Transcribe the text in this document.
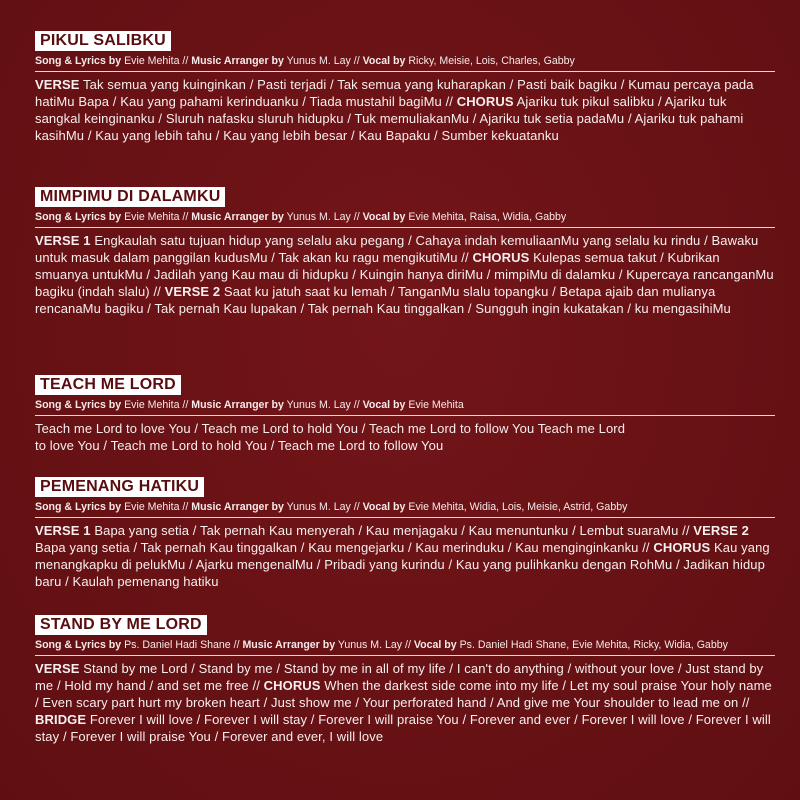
PIKUL SALIBKU
Song & Lyrics by Evie Mehita // Music Arranger by Yunus M. Lay // Vocal by Ricky, Meisie, Lois, Charles, Gabby
VERSE Tak semua yang kuinginkan / Pasti terjadi / Tak semua yang kuharapkan / Pasti baik bagiku / Kumau percaya pada hatiMu Bapa / Kau yang pahami kerinduanku / Tiada mustahil bagiMu // CHORUS Ajariku tuk pikul salibku / Ajariku tuk sangkal keinginanku / Sluruh nafasku sluruh hidupku / Tuk memuliakanMu / Ajariku tuk setia padaMu / Ajariku tuk pahami kasihMu / Kau yang lebih tahu / Kau yang lebih besar / Kau Bapaku / Sumber kekuatanku
MIMPIMU DI DALAMKU
Song & Lyrics by Evie Mehita // Music Arranger by Yunus M. Lay // Vocal by Evie Mehita, Raisa, Widia, Gabby
VERSE 1 Engkaulah satu tujuan hidup yang selalu aku pegang / Cahaya indah kemuliaanMu yang selalu ku rindu / Bawaku untuk masuk dalam panggilan kudusMu / Tak akan ku ragu mengikutiMu // CHORUS Kulepas semua takut / Kubrikan smuanya untukMu / Jadilah yang Kau mau di hidupku / Kuingin hanya diriMu / mimpiMu di dalamku / Kupercaya rancanganMu bagiku (indah slalu) // VERSE 2 Saat ku jatuh saat ku lemah / TanganMu slalu topangku / Betapa ajaib dan mulianya rencanaMu bagiku / Tak pernah Kau lupakan / Tak pernah Kau tinggalkan / Sungguh ingin kukatakan / ku mengasihiMu
TEACH ME LORD
Song & Lyrics by Evie Mehita // Music Arranger by Yunus M. Lay // Vocal by Evie Mehita
Teach me Lord to love You / Teach me Lord to hold You / Teach me Lord to follow You Teach me Lord to love You / Teach me Lord to hold You / Teach me Lord to follow You
PEMENANG HATIKU
Song & Lyrics by Evie Mehita // Music Arranger by Yunus M. Lay // Vocal by Evie Mehita, Widia, Lois, Meisie, Astrid, Gabby
VERSE 1 Bapa yang setia / Tak pernah Kau menyerah / Kau menjagaku / Kau menuntunku / Lembut suaraMu // VERSE 2 Bapa yang setia / Tak pernah Kau tinggalkan / Kau mengejarku / Kau merinduku / Kau menginginkanku // CHORUS Kau yang menangkapku di pelukMu / Ajarku mengenalMu / Pribadi yang kurindu / Kau yang pulihkanku dengan RohMu / Jadikan hidup baru / Kaulah pemenang hatiku
STAND BY ME LORD
Song & Lyrics by Ps. Daniel Hadi Shane // Music Arranger by Yunus M. Lay // Vocal by Ps. Daniel Hadi Shane, Evie Mehita, Ricky, Widia, Gabby
VERSE Stand by me Lord / Stand by me / Stand by me in all of my life / I can't do anything / without your love / Just stand by me / Hold my hand / and set me free // CHORUS When the darkest side come into my life / Let my soul praise Your holy name / Even scary part hurt my broken heart / Just show me / Your perforated hand / And give me Your shoulder to lead me on // BRIDGE Forever I will love / Forever I will stay / Forever I will praise You / Forever and ever / Forever I will love / Forever I will stay / Forever I will praise You / Forever and ever, I will love
